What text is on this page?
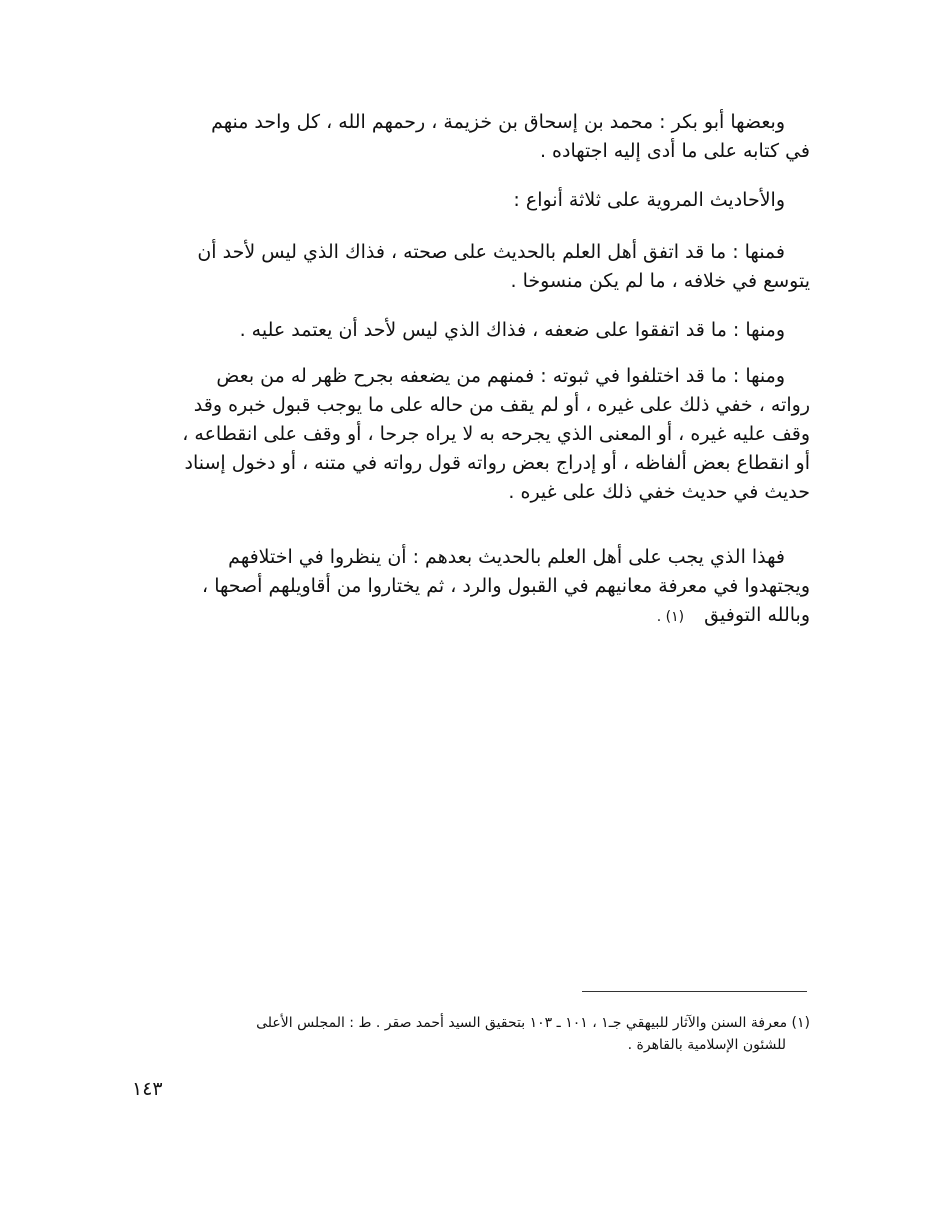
وبعضها أبو بكر : محمد بن إسحاق بن خزيمة ، رحمهم الله ، كل واحد منهم
في كتابه على ما أدى إليه اجتهاده .
والأحاديث المروية على ثلاثة أنواع :
فمنها : ما قد اتفق أهل العلم بالحديث على صحته ، فذاك الذي ليس لأحد أن
يتوسع في خلافه ، ما لم يكن منسوخا .
ومنها : ما قد اتفقوا على ضعفه ، فذاك الذي ليس لأحد أن يعتمد عليه .
ومنها : ما قد اختلفوا في ثبوته : فمنهم من يضعفه بجرح ظهر له من بعض
رواته ، خفي ذلك على غيره ، أو لم يقف من حاله على ما يوجب قبول خبره وقد
وقف عليه غيره ، أو المعنى الذي يجرحه به لا يراه جرحا ، أو وقف على انقطاعه ،
أو انقطاع بعض ألفاظه ، أو إدراج بعض رواته قول رواته في متنه ، أو دخول إسناد
حديث في حديث خفي ذلك على غيره .
فهذا الذي يجب على أهل العلم بالحديث بعدهم : أن ينظروا في اختلافهم
ويجتهدوا في معرفة معانيهم في القبول والرد ، ثم يختاروا من أقاويلهم أصحها ،
وبالله التوفيق (١) .
(١) معرفة السنن والآثار للبيهقي جـ١ ، ١٠١ ـ ١٠٣ بتحقيق السيد أحمد صقر . ط : المجلس الأعلى
للشئون الإسلامية بالقاهرة .
١٤٣
